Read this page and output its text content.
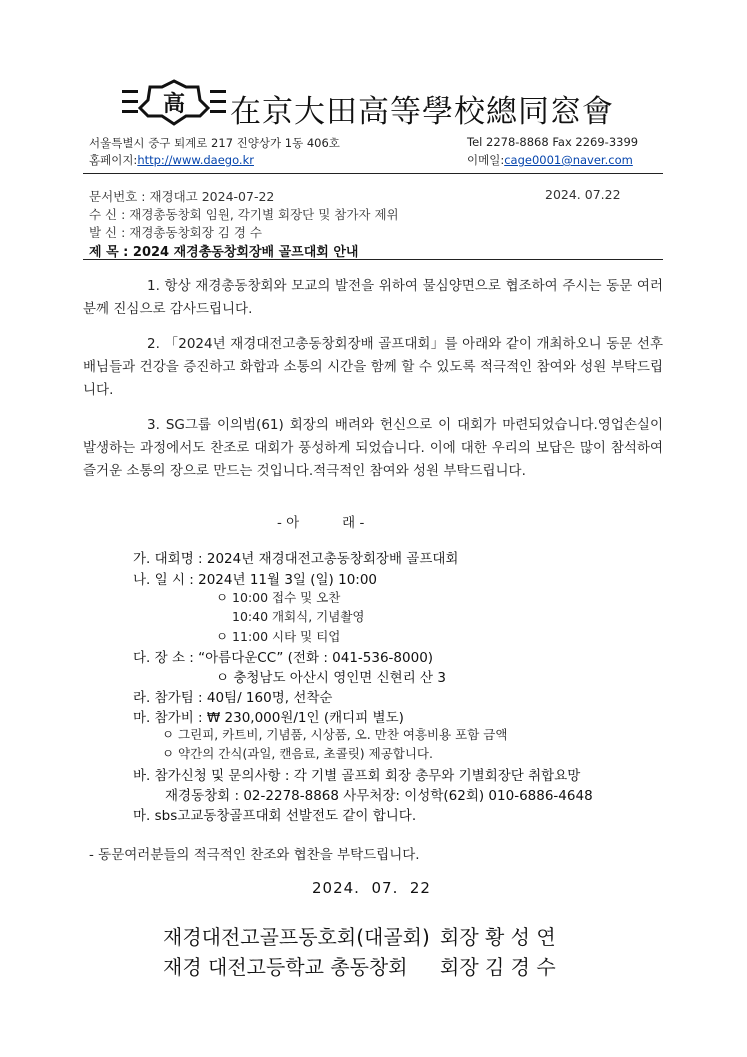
高 在京大田高等學校總同窓會
서울특별시 중구 퇴계로 217 진양상가 1동 406호	Tel 2278-8868 Fax 2269-3399
홈페이지:http://www.daego.kr	이메일:cage0001@naver.com
문서번호 : 재경대고 2024-07-22	2024. 07.22
수 신 : 재경총동창회 임원, 각기별 회장단 및 참가자 제위
발 신 : 재경총동창회장 김 경 수
제 목 : 2024 재경총동창회장배 골프대회 안내
1. 항상 재경총동창회와 모교의 발전을 위하여 물심양면으로 협조하여 주시는 동문 여러분께 진심으로 감사드립니다.
2. 「2024년 재경대전고총동창회장배 골프대회」를 아래와 같이 개최하오니 동문 선후배님들과 건강을 증진하고 화합과 소통의 시간을 함께 할 수 있도록 적극적인 참여와 성원 부탁드립니다.
3. SG그룹 이의범(61) 회장의 배려와 헌신으로 이 대회가 마련되었습니다.영업손실이 발생하는 과정에서도 찬조로 대회가 풍성하게 되었습니다. 이에 대한 우리의 보답은 많이 참석하여 즐거운 소통의 장으로 만드는 것입니다.적극적인 참여와 성원 부탁드립니다.
- 아          래 -
가. 대회명 : 2024년 재경대전고총동창회장배 골프대회
나. 일 시 : 2024년 11월 3일 (일) 10:00
ㅇ 10:00 접수 및 오찬
10:40 개회식, 기념촬영
ㅇ 11:00 시타 및 티업
다. 장 소 : “아름다운CC” (전화 : 041-536-8000)
ㅇ 충청남도 아산시 영인면 신현리 산 3
라. 참가팀 : 40팀/ 160명, 선착순
마. 참가비 : ₩ 230,000원/1인 (캐디피 별도)
ㅇ 그린피, 카트비, 기념품, 시상품, 오. 만찬 여흥비용 포함 금액
ㅇ 약간의 간식(과일, 캔음료, 초콜릿) 제공합니다.
바. 참가신청 및 문의사항 : 각 기별 골프회 회장 총무와 기별회장단 취합요망
재경동창회 : 02-2278-8868 사무처장: 이성학(62회) 010-6886-4648
마. sbs고교동창골프대회 선발전도 같이 합니다.
- 동문여러분들의 적극적인 찬조와 협찬을 부탁드립니다.
2024.  07.  22
재경대전고골프동호회(대골회) 회장 황 성 연
재경 대전고등학교 총동창회 회장 김 경 수
